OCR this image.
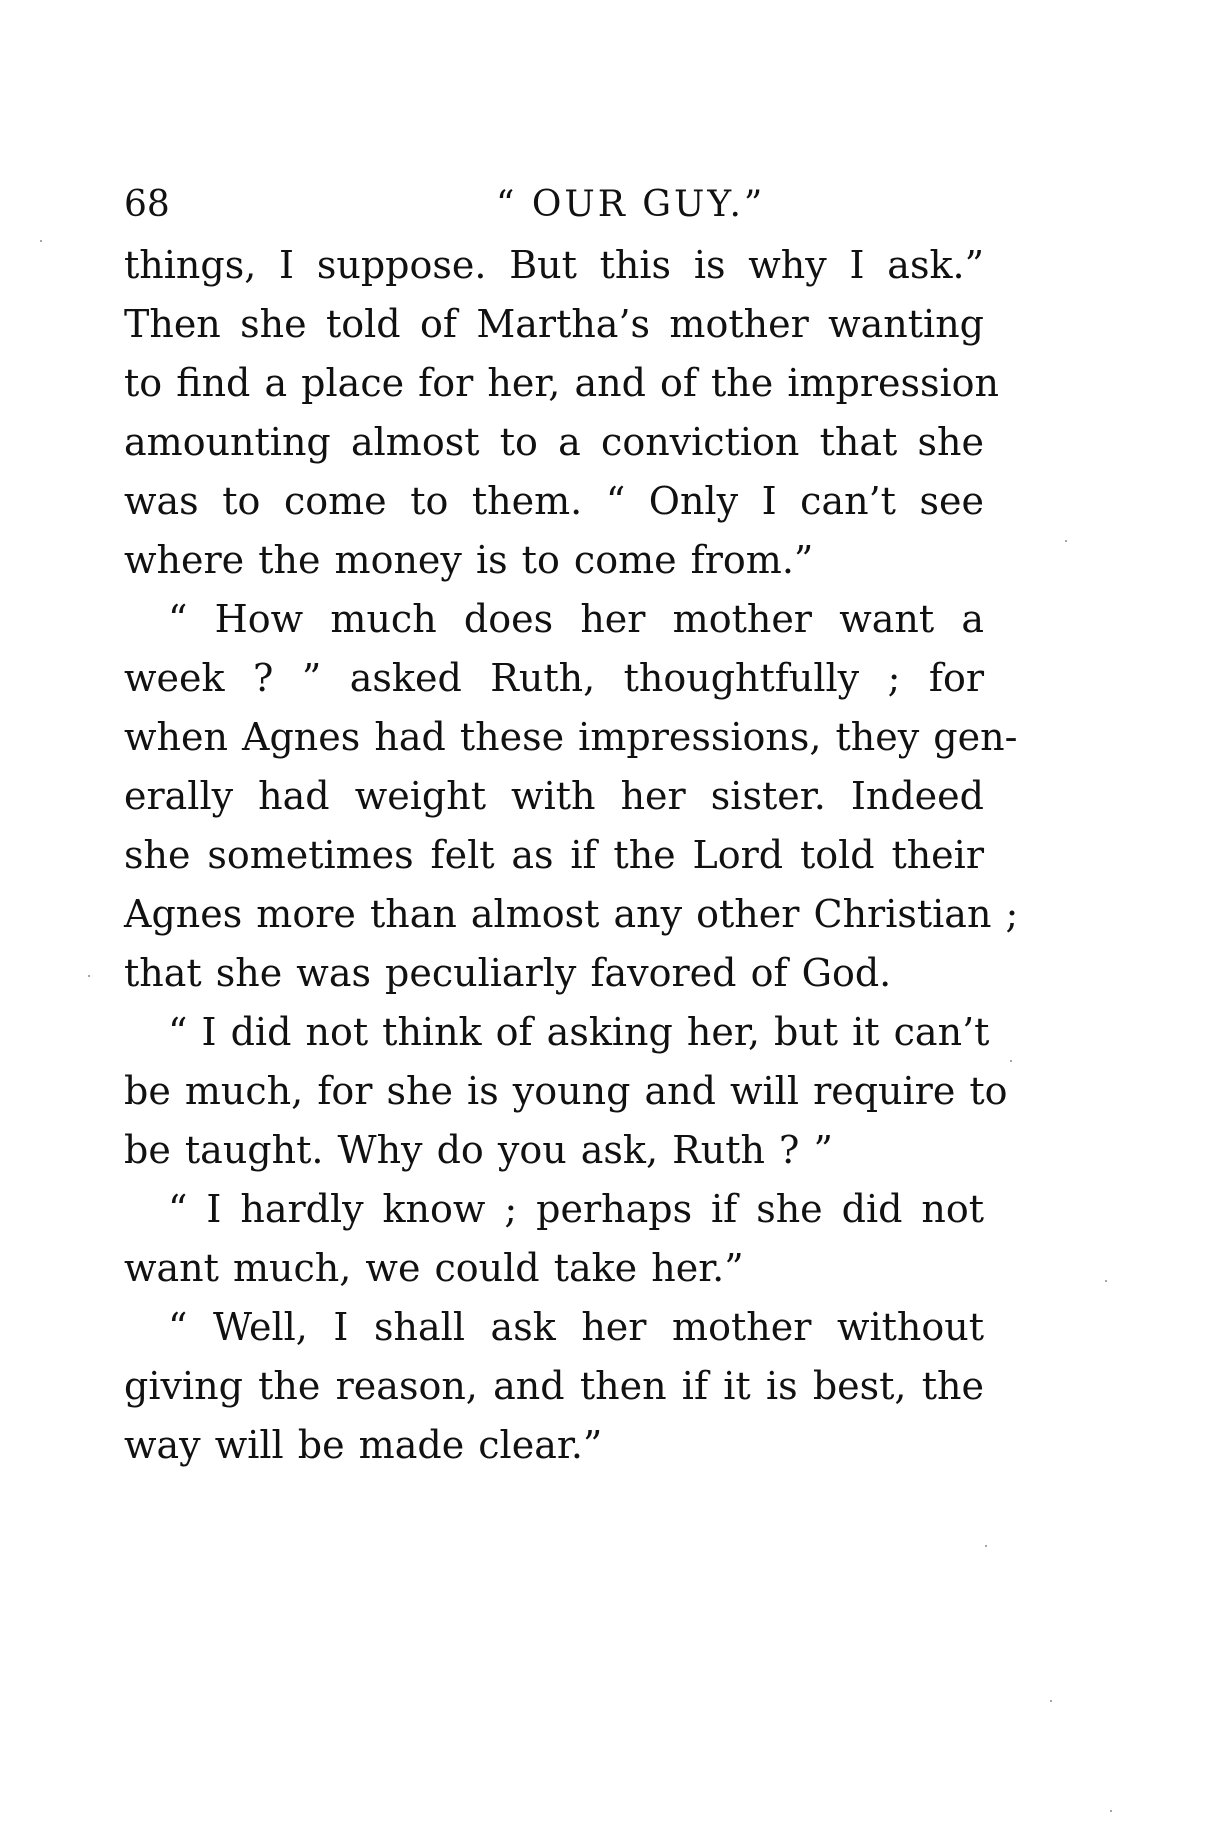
68	“ OUR GUY.”
things, I suppose. But this is why I ask.”
Then she told of Martha’s mother wanting
to find a place for her, and of the impression
amounting almost to a conviction that she
was to come to them. “ Only I can’t see
where the money is to come from.”
“ How much does her mother want a
week ? ” asked Ruth, thoughtfully ; for
when Agnes had these impressions, they gen-
erally had weight with her sister. Indeed
she sometimes felt as if the Lord told their
Agnes more than almost any other Christian ;
that she was peculiarly favored of God.
“ I did not think of asking her, but it can’t
be much, for she is young and will require to
be taught. Why do you ask, Ruth ? ”
“ I hardly know ; perhaps if she did not
want much, we could take her.”
“ Well, I shall ask her mother without
giving the reason, and then if it is best, the
way will be made clear.”
